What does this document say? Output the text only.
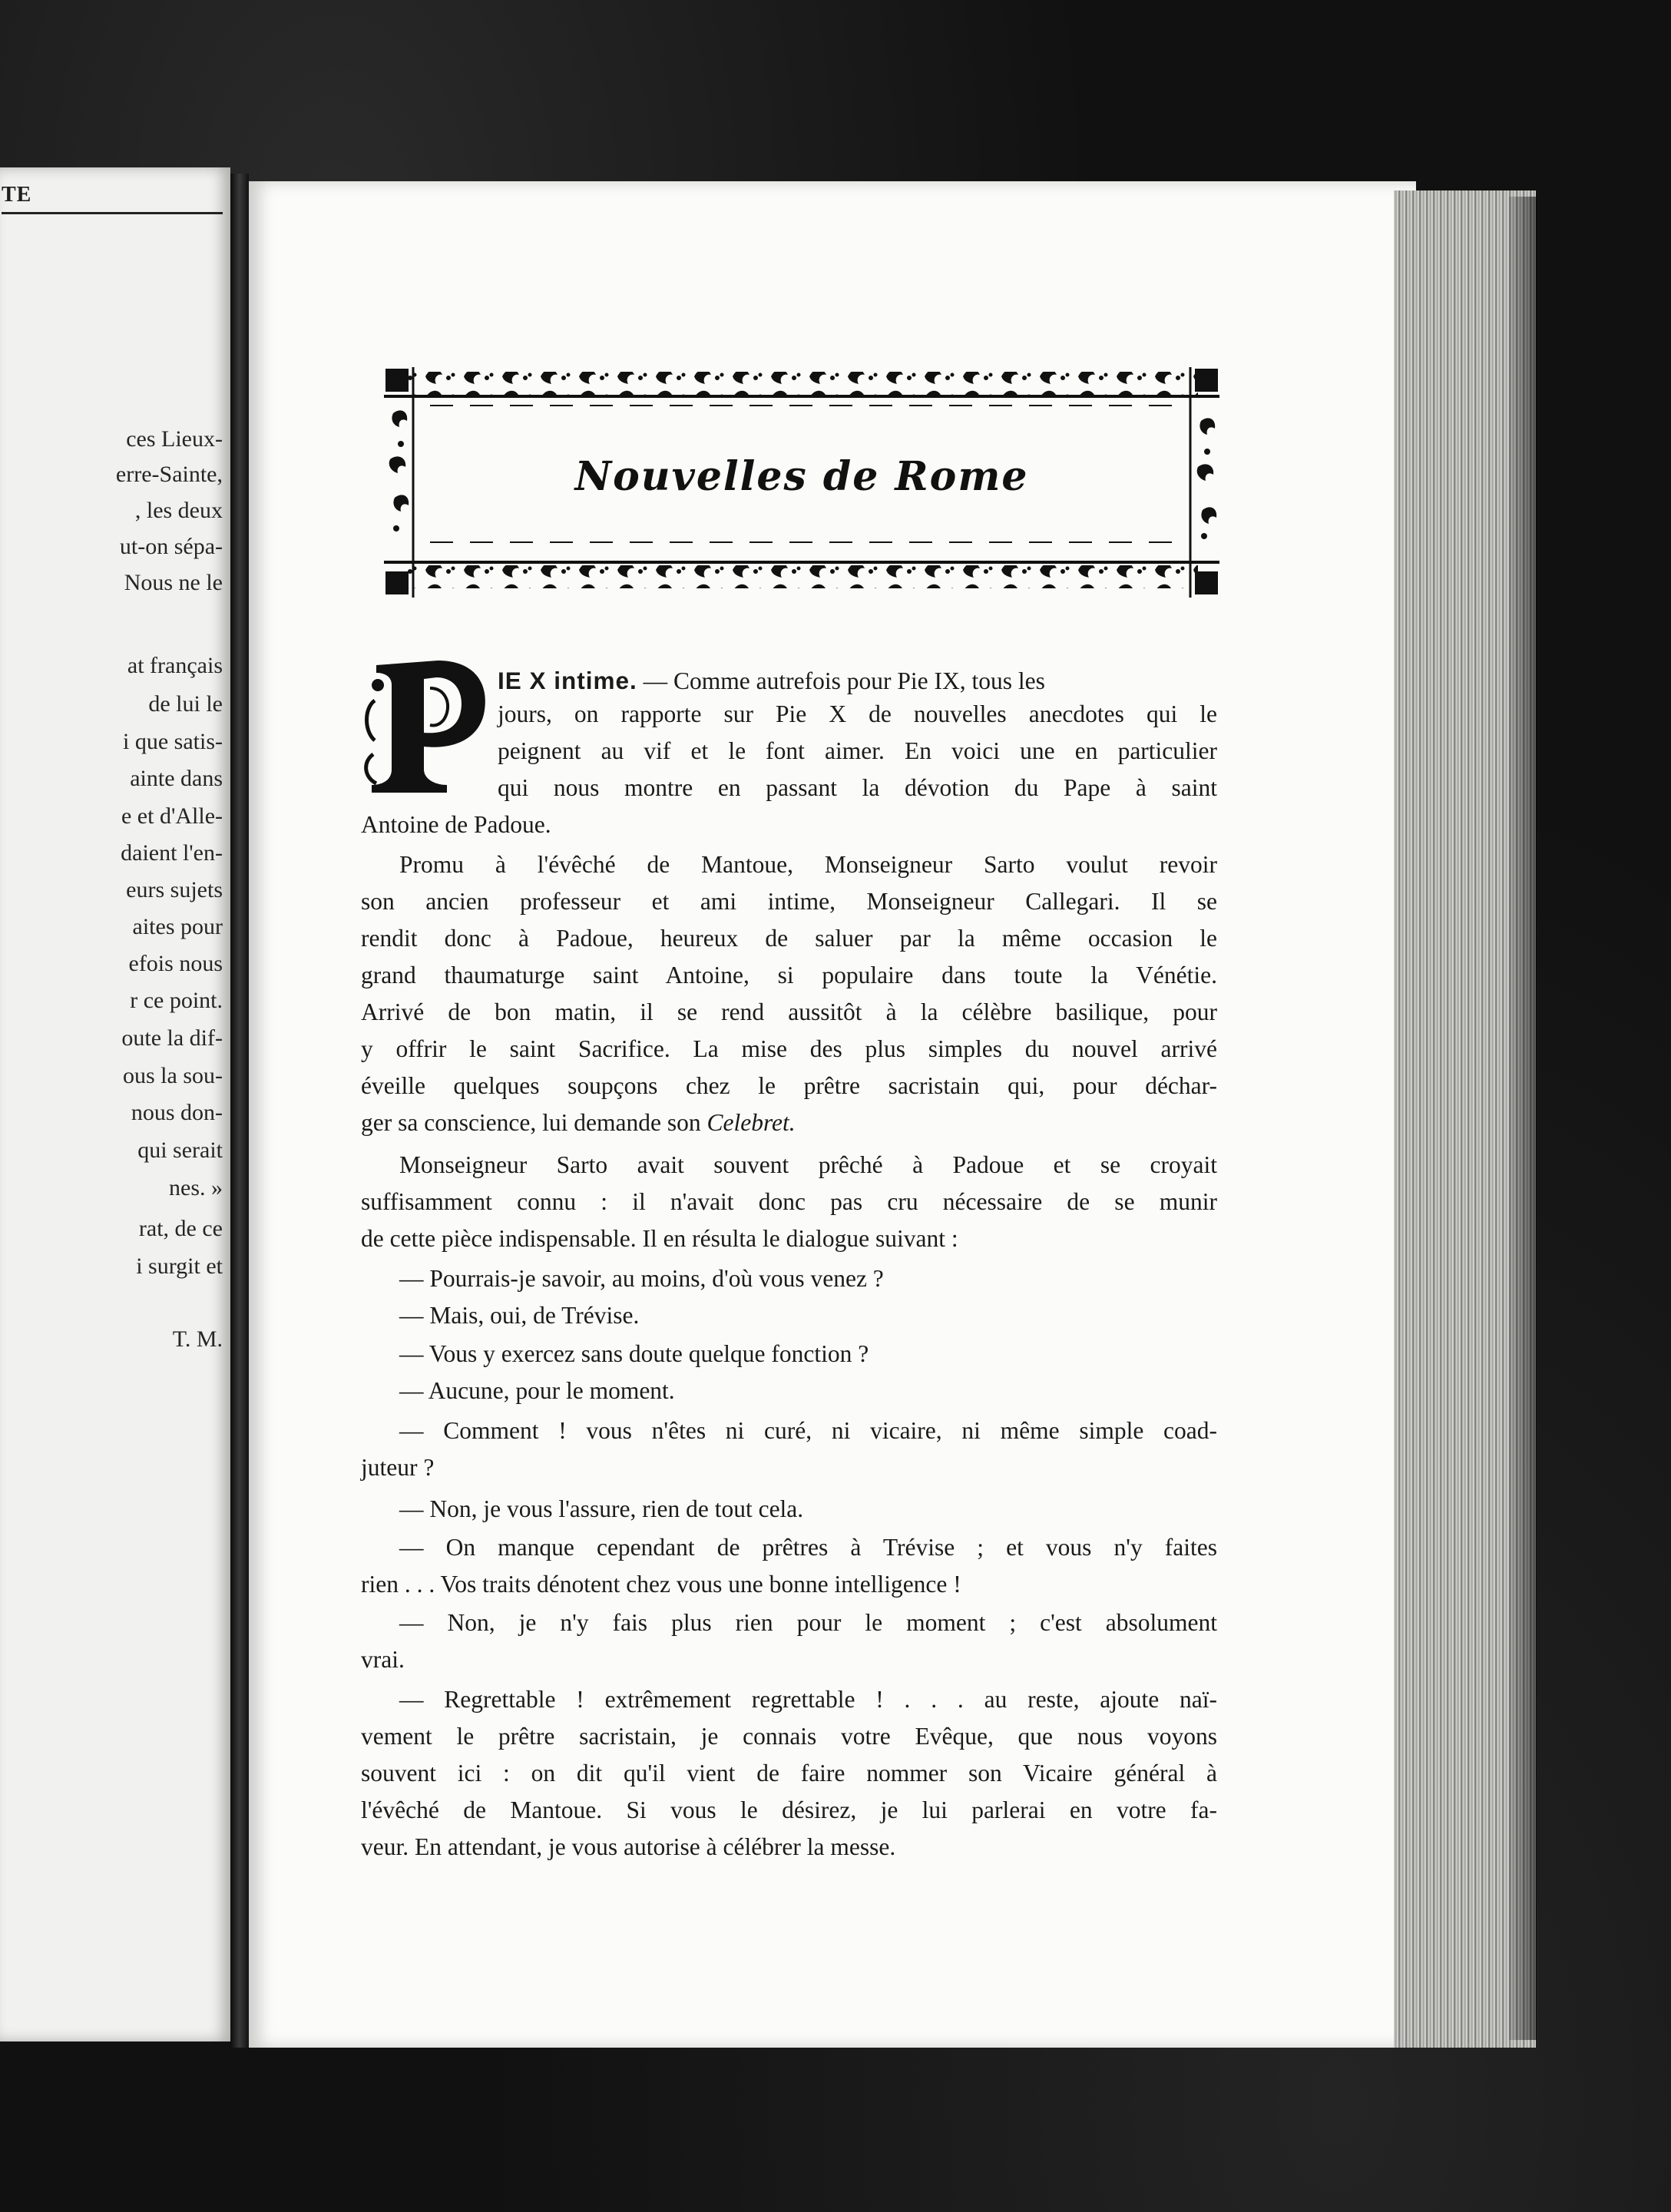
TE
ces Lieux-
erre-Sainte,
, les deux
ut-on sépa-
Nous ne le
at français
de lui le
i que satis-
ainte dans
e et d'Alle-
daient l'en-
eurs sujets
aites pour
efois nous
r ce point.
oute la dif-
ous la sou-
nous don-
qui serait
nes. »
rat, de ce
i surgit et
T. M.
Nouvelles de Rome
IE X intime. — Comme autrefois pour Pie IX, tous les
jours, on rapporte sur Pie X de nouvelles anecdotes qui le
peignent au vif et le font aimer. En voici une en particulier
qui nous montre en passant la dévotion du Pape à saint
Antoine de Padoue.
Promu à l'évêché de Mantoue, Monseigneur Sarto voulut revoir
son ancien professeur et ami intime, Monseigneur Callegari. Il se
rendit donc à Padoue, heureux de saluer par la même occasion le
grand thaumaturge saint Antoine, si populaire dans toute la Vénétie.
Arrivé de bon matin, il se rend aussitôt à la célèbre basilique, pour
y offrir le saint Sacrifice. La mise des plus simples du nouvel arrivé
éveille quelques soupçons chez le prêtre sacristain qui, pour déchar-
ger sa conscience, lui demande son Celebret.
Monseigneur Sarto avait souvent prêché à Padoue et se croyait
suffisamment connu : il n'avait donc pas cru nécessaire de se munir
de cette pièce indispensable. Il en résulta le dialogue suivant :
— Pourrais-je savoir, au moins, d'où vous venez ?
— Mais, oui, de Trévise.
— Vous y exercez sans doute quelque fonction ?
— Aucune, pour le moment.
— Comment ! vous n'êtes ni curé, ni vicaire, ni même simple coad-
juteur ?
— Non, je vous l'assure, rien de tout cela.
— On manque cependant de prêtres à Trévise ; et vous n'y faites
rien . . . Vos traits dénotent chez vous une bonne intelligence !
— Non, je n'y fais plus rien pour le moment ; c'est absolument
vrai.
— Regrettable ! extrêmement regrettable ! . . . au reste, ajoute naï-
vement le prêtre sacristain, je connais votre Evêque, que nous voyons
souvent ici : on dit qu'il vient de faire nommer son Vicaire général à
l'évêché de Mantoue. Si vous le désirez, je lui parlerai en votre fa-
veur. En attendant, je vous autorise à célébrer la messe.
